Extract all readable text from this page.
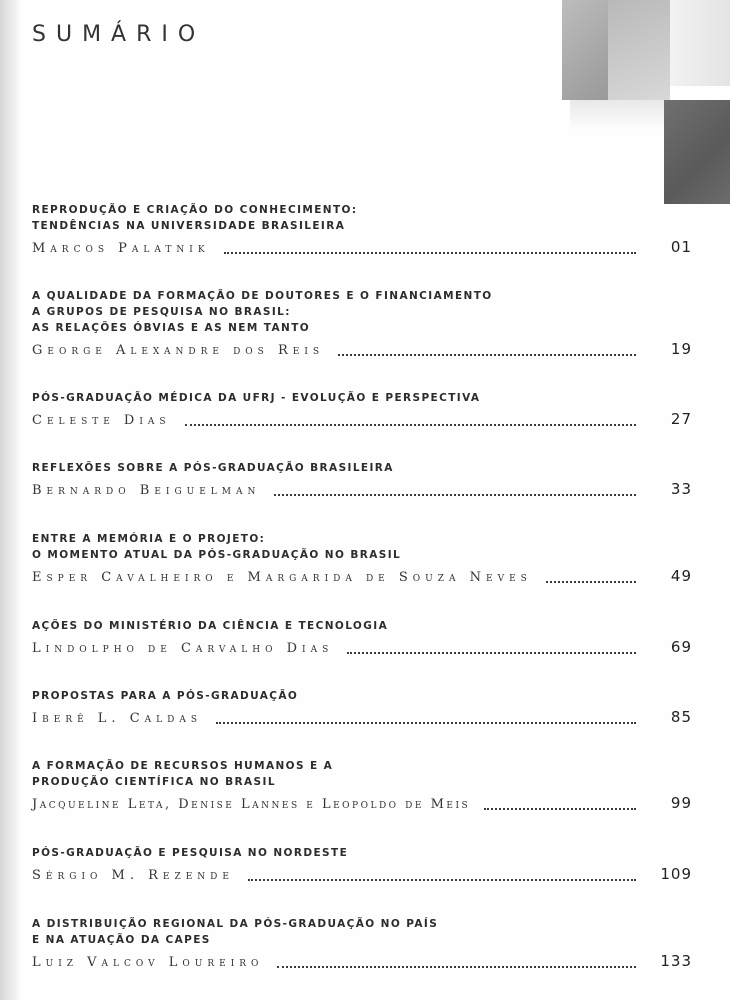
SUMÁRIO
REPRODUÇÃO E CRIAÇÃO DO CONHECIMENTO:
TENDÊNCIAS NA UNIVERSIDADE BRASILEIRA
Marcos Palatnik	01
A QUALIDADE DA FORMAÇÃO DE DOUTORES E O FINANCIAMENTO
A GRUPOS DE PESQUISA NO BRASIL:
AS RELAÇÕES ÓBVIAS E AS NEM TANTO
George Alexandre dos Reis	19
PÓS-GRADUAÇÃO MÉDICA DA UFRJ - EVOLUÇÃO E PERSPECTIVA
Celeste Dias	27
REFLEXÕES SOBRE A PÓS-GRADUAÇÃO BRASILEIRA
Bernardo Beiguelman	33
ENTRE A MEMÓRIA E O PROJETO:
O MOMENTO ATUAL DA PÓS-GRADUAÇÃO NO BRASIL
Esper Cavalheiro e Margarida de Souza Neves	49
AÇÕES DO MINISTÉRIO DA CIÊNCIA E TECNOLOGIA
Lindolpho de Carvalho Dias	69
PROPOSTAS PARA A PÓS-GRADUAÇÃO
Iberê L. Caldas	85
A FORMAÇÃO DE RECURSOS HUMANOS E A
PRODUÇÃO CIENTÍFICA NO BRASIL
Jacqueline Leta, Denise Lannes e Leopoldo de Meis	99
PÓS-GRADUAÇÃO E PESQUISA NO NORDESTE
Sérgio M. Rezende	109
A DISTRIBUIÇÃO REGIONAL DA PÓS-GRADUAÇÃO NO PAÍS
E NA ATUAÇÃO DA CAPES
Luiz Valcov Loureiro	133
